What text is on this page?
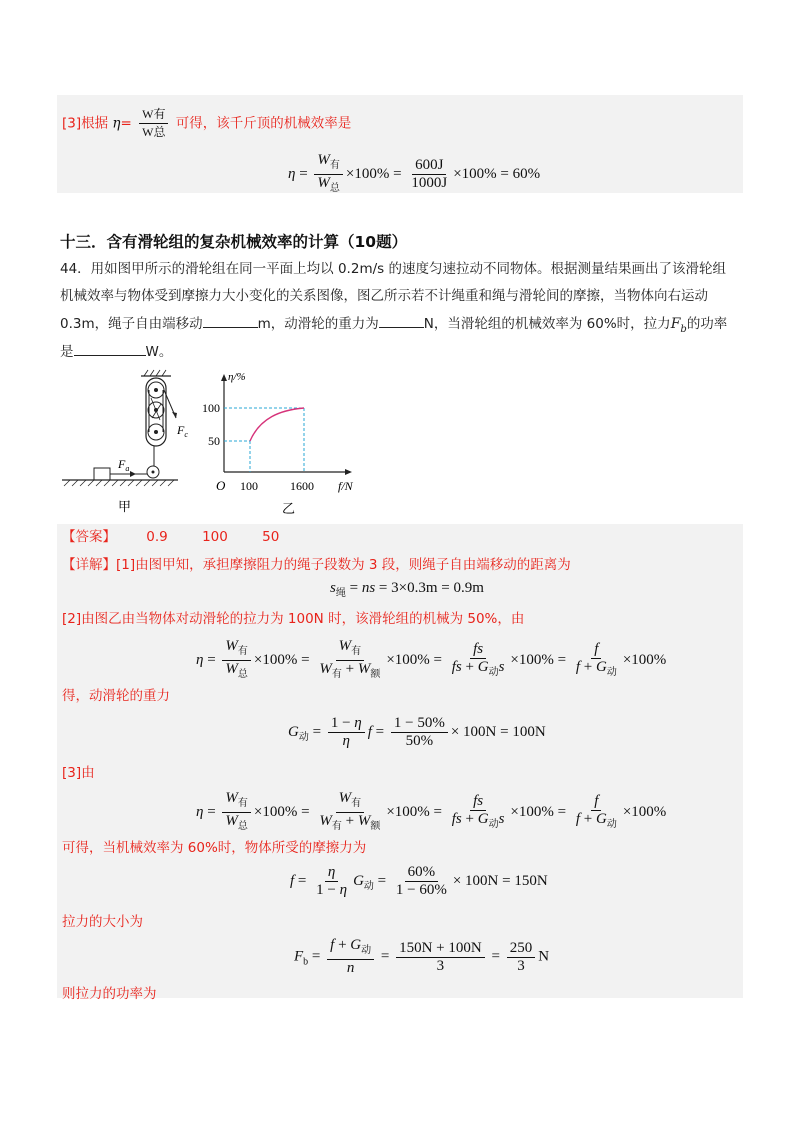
[3]根据 $\eta= \frac{\text{W有}}{\text{W总}}$ 可得，该千斤顶的机械效率是
$\eta = \frac{W_有}{W_总} \times 100\% = \frac{600J}{1000J} \times 100\% = 60\%$
十三．含有滑轮组的复杂机械效率的计算（10题）
44．用如图甲所示的滑轮组在同一平面上均以 0.2m/s 的速度匀速拉动不同物体。根据测量结果画出了该滑轮组
机械效率与物体受到摩擦力大小变化的关系图像，图乙所示若不计绳重和绳与滑轮间的摩擦，当物体向右运动
0.3m，绳子自由端移动	m，动滑轮的重力为	N，当滑轮组的机械效率为 60%时，拉力$F_b$的功率
是	W。
$F_c$
$F_a$
甲
η/%
f/N
O
100
50
100	1600
乙
【答案】 0.9	100	50
【详解】[1]由图甲知，承担摩擦阻力的绳子段数为 3 段，则绳子自由端移动的距离为
$s_绳$ = ns = 3×0.3m = 0.9m
[2]由图乙由当物体对动滑轮的拉力为 100N 时，该滑轮组的机械为 50%，由
$\eta = \frac{W_有}{W_总} \times 100\% = \frac{W_有}{W_有 + W_额} \times 100\% = \frac{fs}{fs + G_动s} \times 100\% = \frac{f}{f + G_动} \times 100\%$
得，动滑轮的重力
$G_动 = \frac{1 - \eta}{\eta}$ $f = \frac{1 - 50\%}{50\%} \times 100N = 100N$
[3]由
$\eta = \frac{W_有}{W_总} \times 100\% = \frac{W_有}{W_有 + W_额} \times 100\% = \frac{fs}{fs + G_动s} \times 100\% = \frac{f}{f + G_动} \times 100\%$
可得，当机械效率为 60%时，物体所受的摩擦力为
$f = \frac{\eta}{1 - \eta} G_动 = \frac{60\%}{1 - 60\%} \times 100N = 150N$
拉力的大小为
$F_b = \frac{f + G_动}{n} = \frac{150N + 100N}{3} = \frac{250}{3}$ N
则拉力的功率为
